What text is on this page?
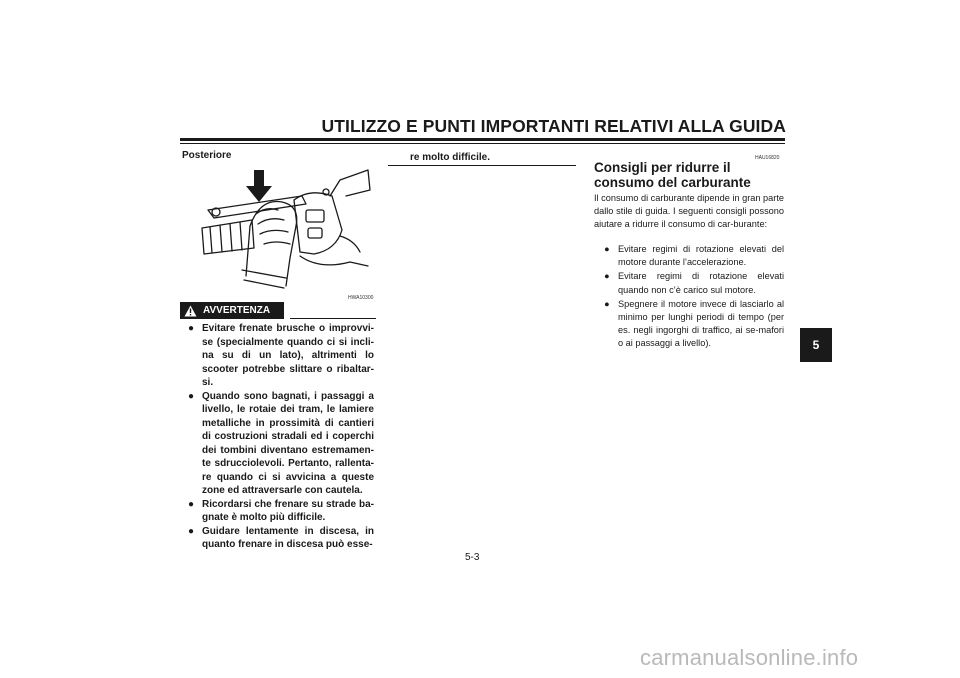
UTILIZZO E PUNTI IMPORTANTI RELATIVI ALLA GUIDA
Posteriore
HWA10300
AVVERTENZA
● Evitare frenate brusche o improvvi-se (specialmente quando ci si incli-na su di un lato), altrimenti lo scooter potrebbe slittare o ribaltar-si.
● Quando sono bagnati, i passaggi a livello, le rotaie dei tram, le lamiere metalliche in prossimità di cantieri di costruzioni stradali ed i coperchi dei tombini diventano estremamen-te sdrucciolevoli. Pertanto, rallenta-re quando ci si avvicina a queste zone ed attraversarle con cautela.
● Ricordarsi che frenare su strade ba-gnate è molto più difficile.
● Guidare lentamente in discesa, in quanto frenare in discesa può esse-
re molto difficile.	HAU16820
Consigli per ridurre il consumo del carburante
Il consumo di carburante dipende in gran parte dallo stile di guida. I seguenti consigli possono aiutare a ridurre il consumo di car-burante:
● Evitare regimi di rotazione elevati del motore durante l’accelerazione.
● Evitare regimi di rotazione elevati quando non c’è carico sul motore.
● Spegnere il motore invece di lasciarlo al minimo per lunghi periodi di tempo (per es. negli ingorghi di traffico, ai se-mafori o ai passaggi a livello).	5
5-3
carmanualsonline.info
